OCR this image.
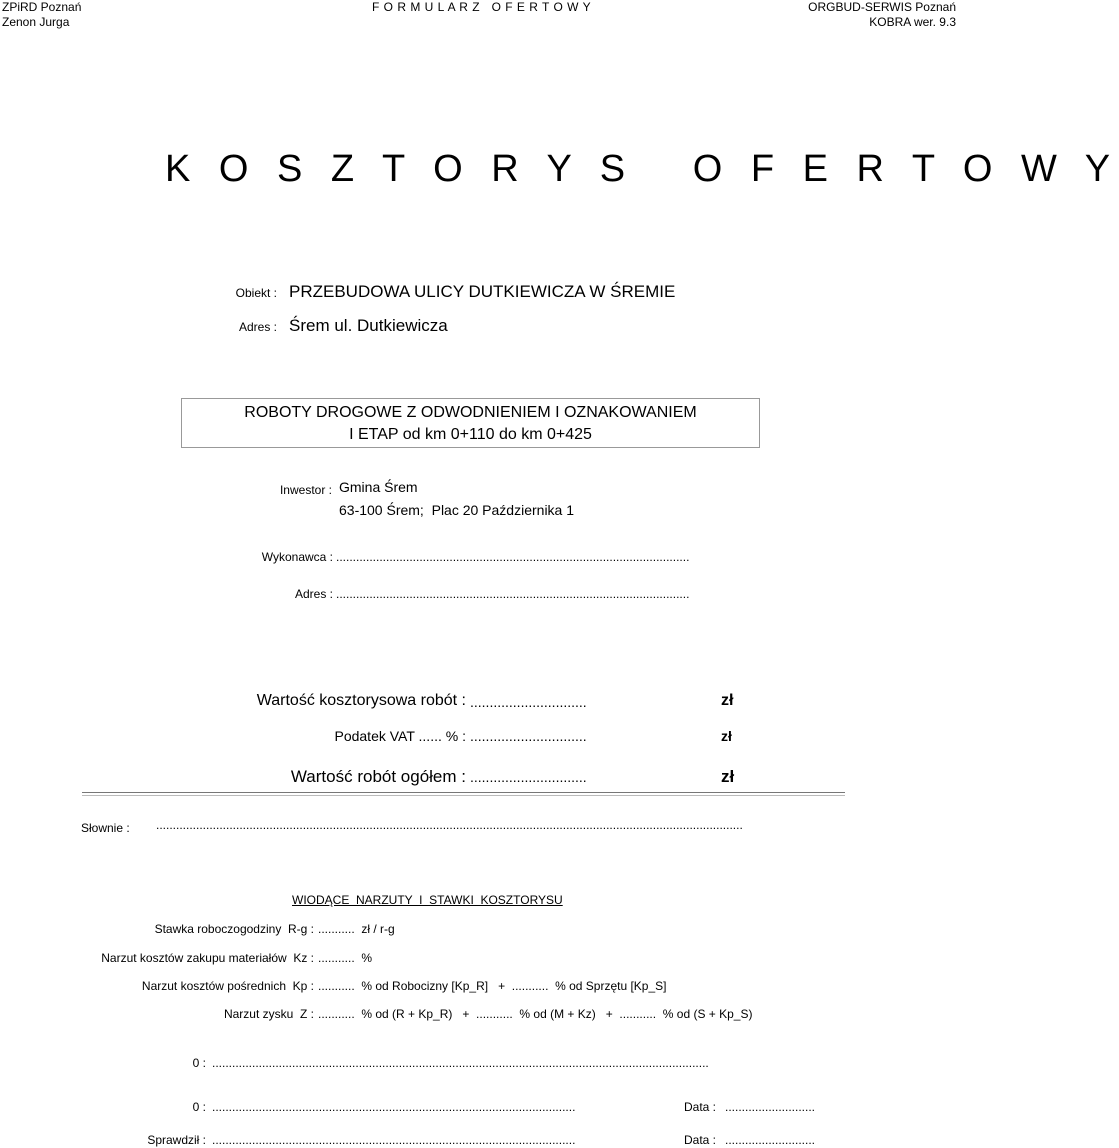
ZPiRD Poznań
Zenon Jurga
F O R M U L A R Z   O F E R T O W Y	ORGBUD-SERWIS Poznań
KOBRA wer. 9.3
K O S Z T O R Y S   O F E R T O W Y
Obiekt : PRZEBUDOWA ULICY DUTKIEWICZA W ŚREMIE
Adres : Śrem ul. Dutkiewicza
ROBOTY DROGOWE Z ODWODNIENIEM I OZNAKOWANIEM
I ETAP od km 0+110 do km 0+425
Inwestor : Gmina Śrem
63-100 Śrem;  Plac 20 Października 1
Wykonawca : ..........................................................................................................
Adres : ..........................................................................................................
Wartość kosztorysowa robót : ..............................	zł
Podatek VAT ...... % : ..............................	zł
Wartość robót ogółem : ..............................	zł
Słownie : ................................................................................................................................................................................
WIODĄCE  NARZUTY  I  STAWKI  KOSZTORYSU
Stawka roboczogodziny  R-g : ...........  zł / r-g
Narzut kosztów zakupu materiałów  Kz : ...........  %
Narzut kosztów pośrednich  Kp : ...........  % od Robocizny [Kp_R]   +  ...........  % od Sprzętu [Kp_S]
Narzut zysku  Z : ...........  % od (R + Kp_R)   +  ...........  % od (M + Kz)   +  ...........  % od (S + Kp_S)
0 : .....................................................................................................................................................
0 : .............................................................................................................	Data : ...........................
Sprawdził : .............................................................................................................	Data : ...........................
